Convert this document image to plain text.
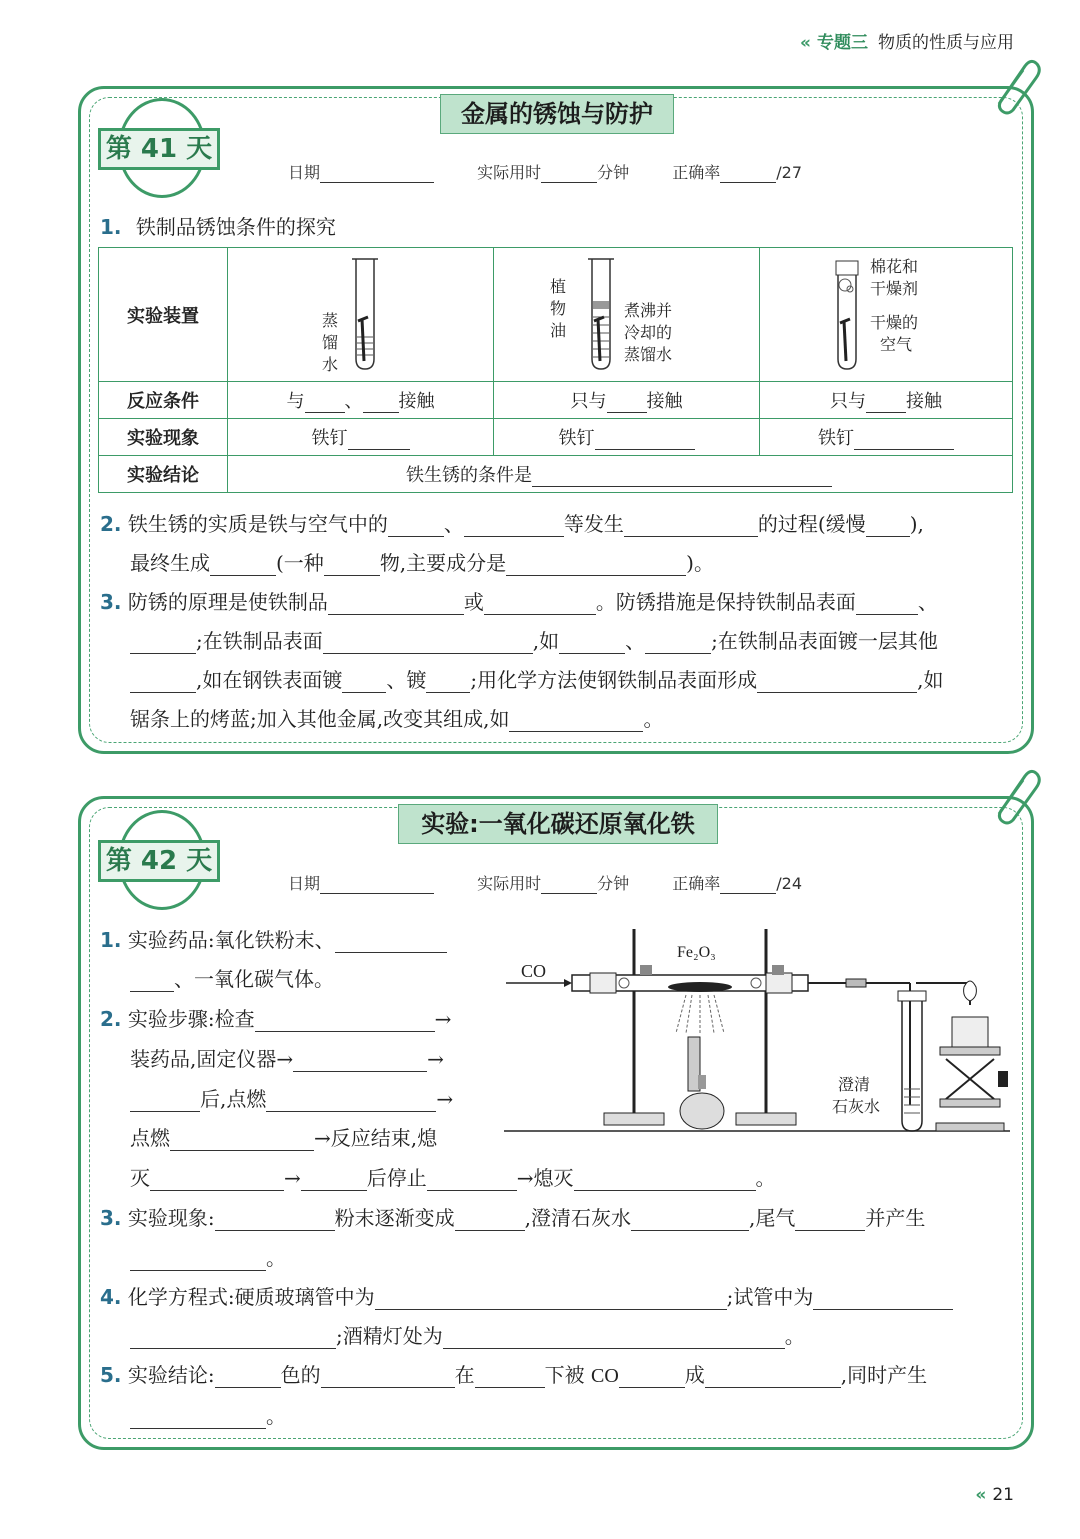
« 专题三 物质的性质与应用
金属的锈蚀与防护
第 41 天
日期	实际用时	分钟	正确率	/27
1. 铁制品锈蚀条件的探究
实验装置			
反应条件	与 、 接触	只与 接触	只与 接触
实验现象	铁钉	铁钉	铁钉
实验结论	铁生锈的条件是		
蒸
馏
水
植
物
油
煮沸并
冷却的
蒸馏水
棉花和
干燥剂
干燥的
空气
2. 铁生锈的实质是铁与空气中的	、	等发生	的过程(缓慢 ),
最终生成	(一种	物,主要成分是	)。
3. 防锈的原理是使铁制品	或	。防锈措施是保持铁制品表面	、
;在铁制品表面	,如	、	;在铁制品表面镀一层其他
,如在钢铁表面镀 、镀 ;用化学方法使钢铁制品表面形成	,如
锯条上的烤蓝;加入其他金属,改变其组成,如	。
实验:一氧化碳还原氧化铁
第 42 天
日期	实际用时	分钟	正确率	/24
CO
Fe₂O₃
澄清
石灰水
1. 实验药品:氧化铁粉末、
、一氧化碳气体。
2. 实验步骤:检查	→
装药品,固定仪器→	→
后,点燃	→
点燃	→反应结束,熄
灭	→	后停止	→熄灭	。
3. 实验现象:	粉末逐渐变成	,澄清石灰水	,尾气	并产生
。
4. 化学方程式:硬质玻璃管中为	;试管中为
;酒精灯处为	。
5. 实验结论:	色的	在	下被 CO	成	,同时产生
。
« 21
